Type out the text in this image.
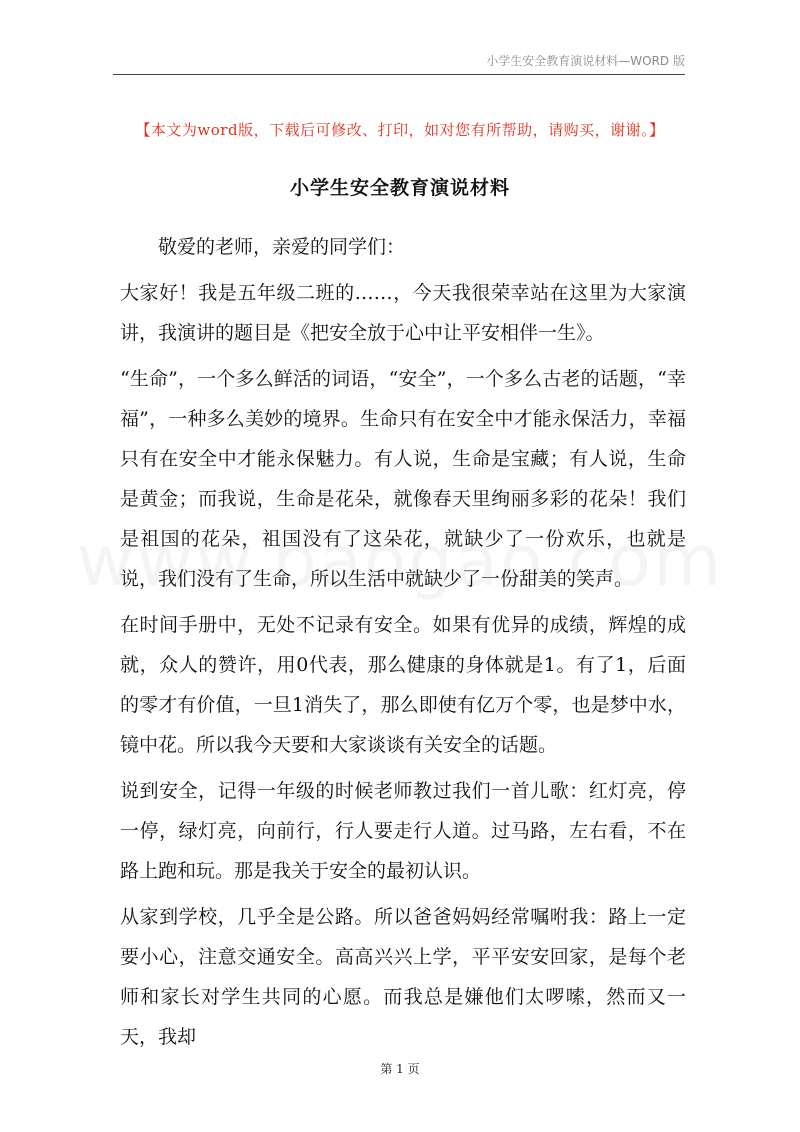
小学生安全教育演说材料—WORD 版
【本文为word版，下载后可修改、打印，如对您有所帮助，请购买，谢谢。】
小学生安全教育演说材料

敬爱的老师，亲爱的同学们：

大家好！我是五年级二班的……，今天我很荣幸站在这里为大家演讲，我演讲的题目是《把安全放于心中让平安相伴一生》。

“生命”，一个多么鲜活的词语，“安全”，一个多么古老的话题，“幸福”，一种多么美妙的境界。生命只有在安全中才能永保活力，幸福只有在安全中才能永保魅力。有人说，生命是宝藏；有人说，生命是黄金；而我说，生命是花朵，就像春天里绚丽多彩的花朵！我们是祖国的花朵，祖国没有了这朵花，就缺少了一份欢乐，也就是说，我们没有了生命，所以生活中就缺少了一份甜美的笑声。

在时间手册中，无处不记录有安全。如果有优异的成绩，辉煌的成就，众人的赞许，用0代表，那么健康的身体就是1。有了1，后面的零才有价值，一旦1消失了，那么即使有亿万个零，也是梦中水，镜中花。所以我今天要和大家谈谈有关安全的话题。

说到安全，记得一年级的时候老师教过我们一首儿歌：红灯亮，停一停，绿灯亮，向前行，行人要走行人道。过马路，左右看，不在路上跑和玩。那是我关于安全的最初认识。

从家到学校，几乎全是公路。所以爸爸妈妈经常嘱咐我：路上一定要小心，注意交通安全。高高兴兴上学，平平安安回家，是每个老师和家长对学生共同的心愿。而我总是嫌他们太啰嗦，然而又一天，我却

第 1 页
